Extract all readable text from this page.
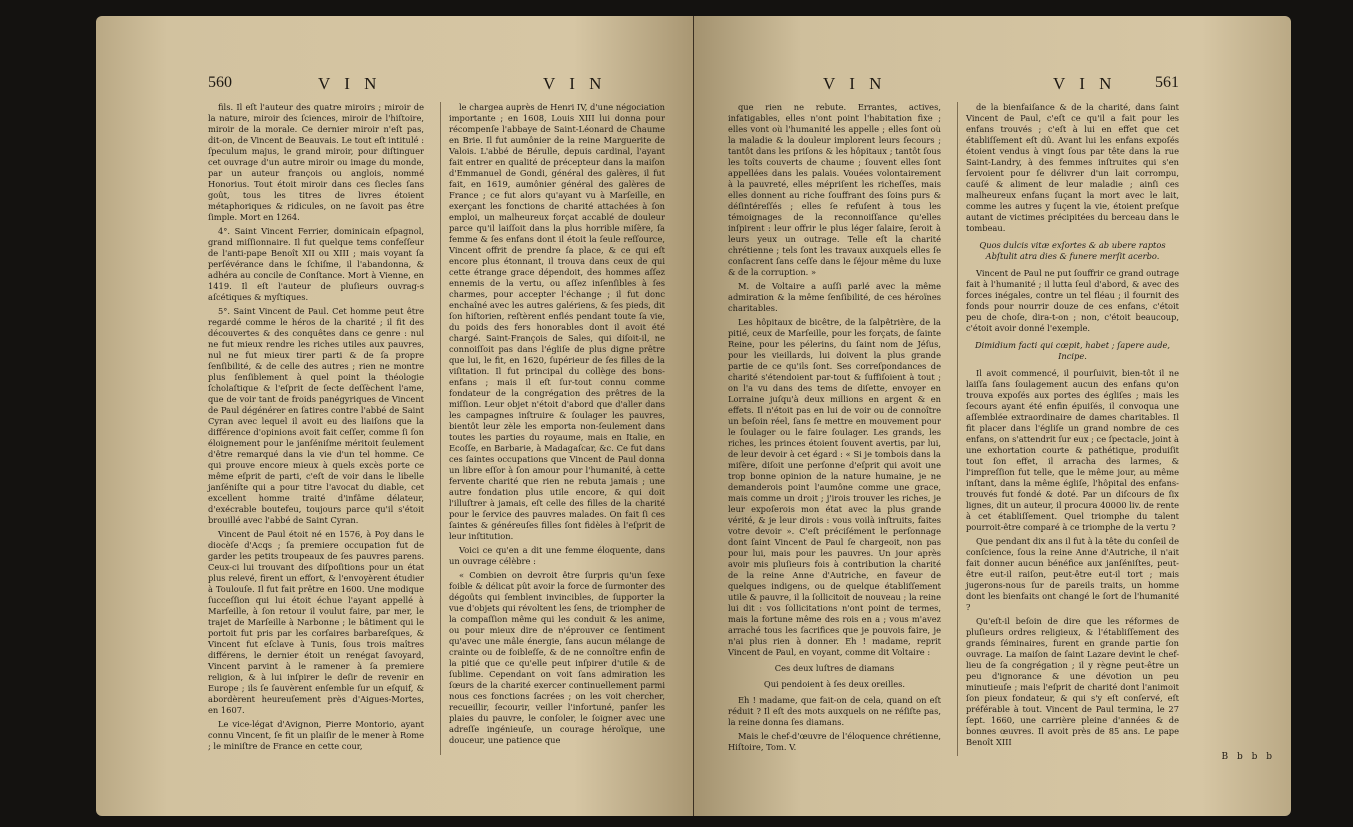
560	V I N	V I N

fils. Il eſt l'auteur des quatre miroirs ; miroir de la nature, miroir des ſciences, miroir de l'hiſtoire, miroir de la morale. Ce dernier miroir n'eſt pas, dit-on, de Vincent de Beauvais. Le tout eſt intitulé : ſpeculum majus, le grand miroir, pour diſtinguer cet ouvrage d'un autre miroir ou image du monde, par un auteur françois ou anglois, nommé Honorius. Tout étoit miroir dans ces ſiecles ſans goût, tous les titres de livres étoient métaphoriques & ridicules, on ne ſavoit pas être ſimple. Mort en 1264.

4°. Saint Vincent Ferrier, dominicain eſpagnol, grand miſſionnaire. Il fut quelque tems confeſſeur de l'anti-pape Benoît XII ou XIII ; mais voyant ſa perſévérance dans le ſchiſme, il l'abandonna, & adhéra au concile de Conſtance. Mort à Vienne, en 1419. Il eſt l'auteur de pluſieurs ouvrag-s aſcétiques & myſtiques.

5°. Saint Vincent de Paul. Cet homme peut être regardé comme le héros de la charité ; il fit des découvertes & des conquêtes dans ce genre : nul ne fut mieux rendre les riches utiles aux pauvres, nul ne fut mieux tirer parti & de ſa propre ſenſibilité, & de celle des autres ; rien ne montre plus ſenſiblement à quel point la théologie ſcholaſtique & l'eſprit de ſecte deſſèchent l'ame, que de voir tant de froids panégyriques de Vincent de Paul dégénérer en ſatires contre l'abbé de Saint Cyran avec lequel il avoit eu des liaiſons que la différence d'opinions avoit fait ceſſer, comme ſi ſon éloignement pour le janſéniſme méritoit ſeulement d'être remarqué dans la vie d'un tel homme. Ce qui prouve encore mieux à quels excès porte ce même eſprit de parti, c'eſt de voir dans le libelle janſéniſte qui a pour titre l'avocat du diable, cet excellent homme traité d'infâme délateur, d'exécrable boutefeu, toujours parce qu'il s'étoit brouillé avec l'abbé de Saint Cyran.

Vincent de Paul étoit né en 1576, à Poy dans le diocèſe d'Acqs ; ſa premiere occupation fut de garder les petits troupeaux de ſes pauvres parens. Ceux-ci lui trouvant des diſpoſitions pour un état plus relevé, firent un effort, & l'envoyèrent étudier à Toulouſe. Il fut fait prêtre en 1600. Une modique ſucceſſion qui lui étoit échue l'ayant appellé à Marſeille, à ſon retour il voulut faire, par mer, le trajet de Marſeille à Narbonne ; le bâtiment qui le portoit fut pris par les corſaires barbareſques, & Vincent fut eſclave à Tunis, ſous trois maîtres différens, le dernier étoit un renégat ſavoyard, Vincent parvint à le ramener à ſa premiere religion, & à lui inſpirer le deſir de revenir en Europe ; ils ſe ſauvèrent enſemble ſur un eſquif, & abordèrent heureuſement près d'Aigues-Mortes, en 1607.

Le vice-légat d'Avignon, Pierre Montorio, ayant connu Vincent, ſe fit un plaiſir de le mener à Rome ; le miniſtre de France en cette cour,

le chargea auprès de Henri IV, d'une négociation importante ; en 1608, Louis XIII lui donna pour récompenſe l'abbaye de Saint-Léonard de Chaume en Brie. Il fut aumônier de la reine Marguerite de Valois. L'abbé de Bérulle, depuis cardinal, l'ayant fait entrer en qualité de précepteur dans la maiſon d'Emmanuel de Gondi, général des galères, il fut fait, en 1619, aumônier général des galères de France ; ce fut alors qu'ayant vu à Marſeille, en exerçant les fonctions de charité attachées à ſon emploi, un malheureux forçat accablé de douleur parce qu'il laiſſoit dans la plus horrible miſère, ſa femme & ſes enfans dont il étoit la ſeule reſſource, Vincent offrit de prendre ſa place, & ce qui eſt encore plus étonnant, il trouva dans ceux de qui cette étrange grace dépendoit, des hommes aſſez ennemis de la vertu, ou aſſez inſenſibles à ſes charmes, pour accepter l'échange ; il fut donc enchaîné avec les autres galériens, & ſes pieds, dit ſon hiſtorien, reſtèrent enflés pendant toute ſa vie, du poids des fers honorables dont il avoit été chargé. Saint-François de Sales, qui diſoit-il, ne connoiſſoit pas dans l'égliſe de plus digne prêtre que lui, le fit, en 1620, ſupérieur de ſes filles de la viſitation. Il fut principal du collège des bons-enfans ; mais il eſt ſur-tout connu comme fondateur de la congrégation des prêtres de la miſſion. Leur objet n'étoit d'abord que d'aller dans les campagnes inſtruire & ſoulager les pauvres, bientôt leur zèle les emporta non-ſeulement dans toutes les parties du royaume, mais en Italie, en Ecoſſe, en Barbarie, à Madagaſcar, &c. Ce fut dans ces ſaintes occupations que Vincent de Paul donna un libre eſſor à ſon amour pour l'humanité, à cette fervente charité que rien ne rebuta jamais ; une autre fondation plus utile encore, & qui doit l'illuſtrer à jamais, eſt celle des filles de la charité pour le ſervice des pauvres malades. On fait ſi ces ſaintes & généreuſes filles ſont fidèles à l'eſprit de leur inſtitution.

Voici ce qu'en a dit une femme éloquente, dans un ouvrage célèbre :

« Combien on devroit être ſurpris qu'un ſexe foible & délicat pût avoir la force de ſurmonter des dégoûts qui ſemblent invincibles, de ſupporter la vue d'objets qui révoltent les ſens, de triompher de la compaſſion même qui les conduit & les anime, ou pour mieux dire de n'éprouver ce ſentiment qu'avec une mâle énergie, ſans aucun mélange de crainte ou de foibleſſe, & de ne connoître enfin de la pitié que ce qu'elle peut inſpirer d'utile & de ſublime. Cependant on voit ſans admiration les ſœurs de la charité exercer continuellement parmi nous ces fonctions ſacrées ; on les voit chercher, recueillir, ſecourir, veiller l'infortuné, panſer les plaies du pauvre, le conſoler, le ſoigner avec une adreſſe ingénieuſe, un courage héroïque, une douceur, une patience que

V I N	V I N 561

que rien ne rebute. Errantes, actives, infatigables, elles n'ont point l'habitation fixe ; elles vont où l'humanité les appelle ; elles ſont où la maladie & la douleur implorent leurs ſecours ; tantôt dans les priſons & les hôpitaux ; tantôt ſous les toîts couverts de chaume ; ſouvent elles ſont appellées dans les palais. Vouées volontairement à la pauvreté, elles mépriſent les richeſſes, mais elles donnent au riche ſouffrant des ſoins purs & déſintéreſſés ; elles ſe refuſent à tous les témoignages de la reconnoiſſance qu'elles inſpirent : leur offrir le plus léger ſalaire, ſeroit à leurs yeux un outrage. Telle eſt la charité chrétienne ; tels ſont les travaux auxquels elles ſe conſacrent ſans ceſſe dans le ſéjour même du luxe & de la corruption. »

M. de Voltaire a auſſi parlé avec la même admiration & la même ſenſibilité, de ces héroïnes charitables.

Les hôpitaux de bicêtre, de la ſalpêtrière, de la pitié, ceux de Marſeille, pour les forçats, de ſainte Reine, pour les pélerins, du ſaint nom de Jéſus, pour les vieillards, lui doivent la plus grande partie de ce qu'ils ſont. Ses correſpondances de charité s'étendoient par-tout & ſuffiſoient à tout ; on l'a vu dans des tems de diſette, envoyer en Lorraine juſqu'à deux millions en argent & en effets. Il n'étoit pas en lui de voir ou de connoître un beſoin réel, ſans ſe mettre en mouvement pour le ſoulager ou le faire ſoulager. Les grands, les riches, les princes étoient ſouvent avertis, par lui, de leur devoir à cet égard : « Si je tombois dans la miſère, diſoit une perſonne d'eſprit qui avoit une trop bonne opinion de la nature humaine, je ne demanderois point l'aumône comme une grace, mais comme un droit ; j'irois trouver les riches, je leur expoſerois mon état avec la plus grande vérité, & je leur dirois : vous voilà inſtruits, faites votre devoir ». C'eſt préciſément le perſonnage dont ſaint Vincent de Paul ſe chargeoit, non pas pour lui, mais pour les pauvres. Un jour après avoir mis pluſieurs fois à contribution la charité de la reine Anne d'Autriche, en faveur de quelques indigens, ou de quelque établiſſement utile & pauvre, il la ſollicitoit de nouveau ; la reine lui dit : vos ſollicitations n'ont point de termes, mais la fortune même des rois en a ; vous m'avez arraché tous les ſacrifices que je pouvois faire, je n'ai plus rien à donner. Eh ! madame, reprit Vincent de Paul, en voyant, comme dit Voltaire :

Ces deux luſtres de diamans

Qui pendoient à ſes deux oreilles.

Eh ! madame, que fait-on de cela, quand on eſt réduit ? Il eſt des mots auxquels on ne réſiſte pas, la reine donna ſes diamans.

Mais le chef-d'œuvre de l'éloquence chrétienne, Hiſtoire, Tom. V.

de la bienfaiſance & de la charité, dans ſaint Vincent de Paul, c'eſt ce qu'il a fait pour les enfans trouvés ; c'eſt à lui en effet que cet établiſſement eſt dû. Avant lui les enfans expoſés étoient vendus à vingt ſous par tête dans la rue Saint-Landry, à des femmes inſtruites qui s'en ſervoient pour ſe délivrer d'un lait corrompu, cauſé & aliment de leur maladie ; ainſi ces malheureux enfans ſuçant la mort avec le lait, comme les autres y ſuçent la vie, étoient preſque autant de victimes précipitées du berceau dans le tombeau.

Quos dulcis vitæ exſortes & ab ubere raptos Abſtulit atra dies & funere merſit acerbo.

Vincent de Paul ne put ſouffrir ce grand outrage fait à l'humanité ; il lutta ſeul d'abord, & avec des forces inégales, contre un tel fléau ; il fournit des fonds pour nourrir douze de ces enfans, c'étoit peu de choſe, dira-t-on ; non, c'étoit beaucoup, c'étoit avoir donné l'exemple.

Dimidium facti qui cœpit, habet ; ſapere aude, Incipe.

Il avoit commencé, il pourſuivit, bien-tôt il ne laiſſa ſans ſoulagement aucun des enfans qu'on trouva expoſés aux portes des égliſes ; mais les ſecours ayant été enfin épuiſés, il convoqua une aſſemblée extraordinaire de dames charitables. Il fit placer dans l'égliſe un grand nombre de ces enfans, on s'attendrit ſur eux ; ce ſpectacle, joint à une exhortation courte & pathétique, produiſit tout ſon effet, il arracha des larmes, & l'impreſſion fut telle, que le même jour, au même inſtant, dans la même égliſe, l'hôpital des enfans-trouvés fut fondé & doté. Par un diſcours de ſix lignes, dit un auteur, il procura 40000 liv. de rente à cet établiſſement. Quel triomphe du talent pourroit-être comparé à ce triomphe de la vertu ?

Que pendant dix ans il fut à la tête du conſeil de conſcience, ſous la reine Anne d'Autriche, il n'ait fait donner aucun bénéfice aux janſéniſtes, peut-être eut-il raiſon, peut-être eut-il tort ; mais jugerons-nous ſur de pareils traits, un homme dont les bienfaits ont changé le ſort de l'humanité ?

Qu'eſt-il beſoin de dire que les réformes de pluſieurs ordres religieux, & l'établiſſement des grands ſéminaires, furent en grande partie ſon ouvrage. La maiſon de ſaint Lazare devint le chef-lieu de ſa congrégation ; il y règne peut-être un peu d'ignorance & une dévotion un peu minutieuſe ; mais l'eſprit de charité dont l'animoit ſon pieux fondateur, & qui s'y eſt conſervé, eſt préférable à tout. Vincent de Paul termina, le 27 ſept. 1660, une carrière pleine d'années & de bonnes œuvres. Il avoit près de 85 ans. Le pape Benoît XIII

B b b b
